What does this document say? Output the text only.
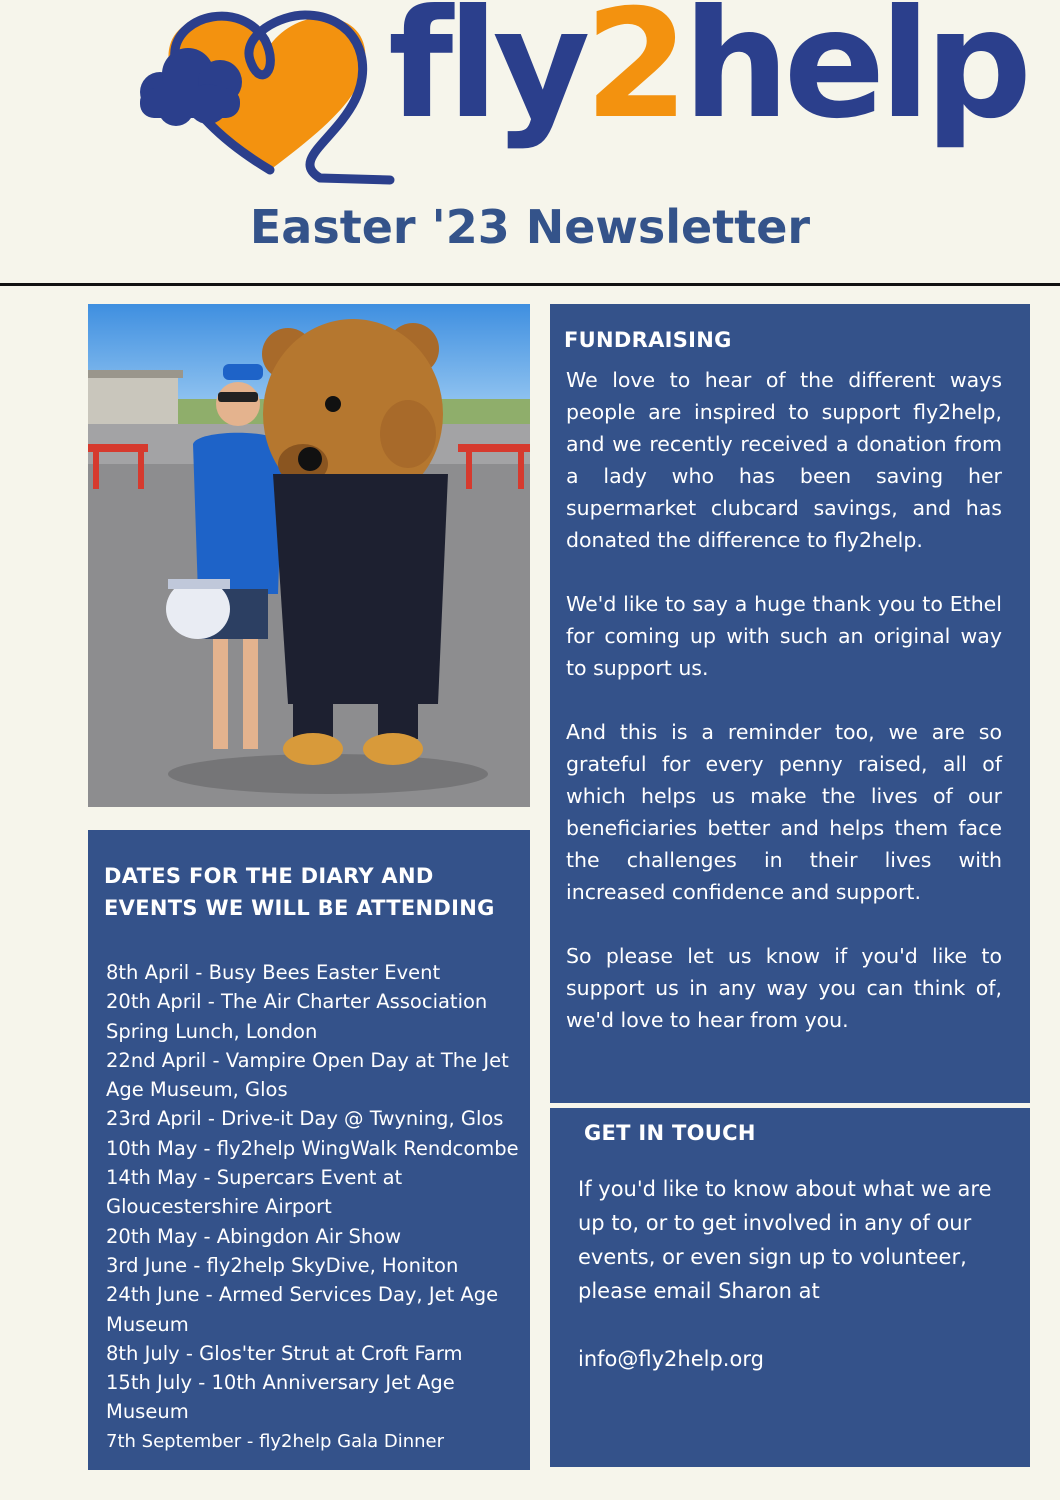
fly2help
Easter '23 Newsletter
FUNDRAISING

We love to hear of the different ways people are inspired to support fly2help, and we recently received a donation from a lady who has been saving her supermarket clubcard savings, and has donated the difference to fly2help.

We'd like to say a huge thank you to Ethel for coming up with such an original way to support us.

And this is a reminder too, we are so grateful for every penny raised, all of which helps us make the lives of our beneficiaries better and helps them face the challenges in their lives with increased confidence and support.

So please let us know if you'd like to support us in any way you can think of, we'd love to hear from you.

DATES FOR THE DIARY AND EVENTS WE WILL BE ATTENDING
8th April - Busy Bees Easter Event
20th April - The Air Charter Association Spring Lunch, London
22nd April - Vampire Open Day at The Jet Age Museum, Glos
23rd April - Drive-it Day @ Twyning, Glos
10th May - fly2help WingWalk Rendcombe
14th May - Supercars Event at Gloucestershire Airport
20th May - Abingdon Air Show
3rd June - fly2help SkyDive, Honiton
24th June - Armed Services Day, Jet Age Museum
8th July - Glos'ter Strut at Croft Farm
15th July - 10th Anniversary Jet Age Museum
7th September - fly2help Gala Dinner
GET IN TOUCH
If you'd like to know about what we are up to, or to get involved in any of our events, or even sign up to volunteer, please email Sharon at
info@fly2help.org
